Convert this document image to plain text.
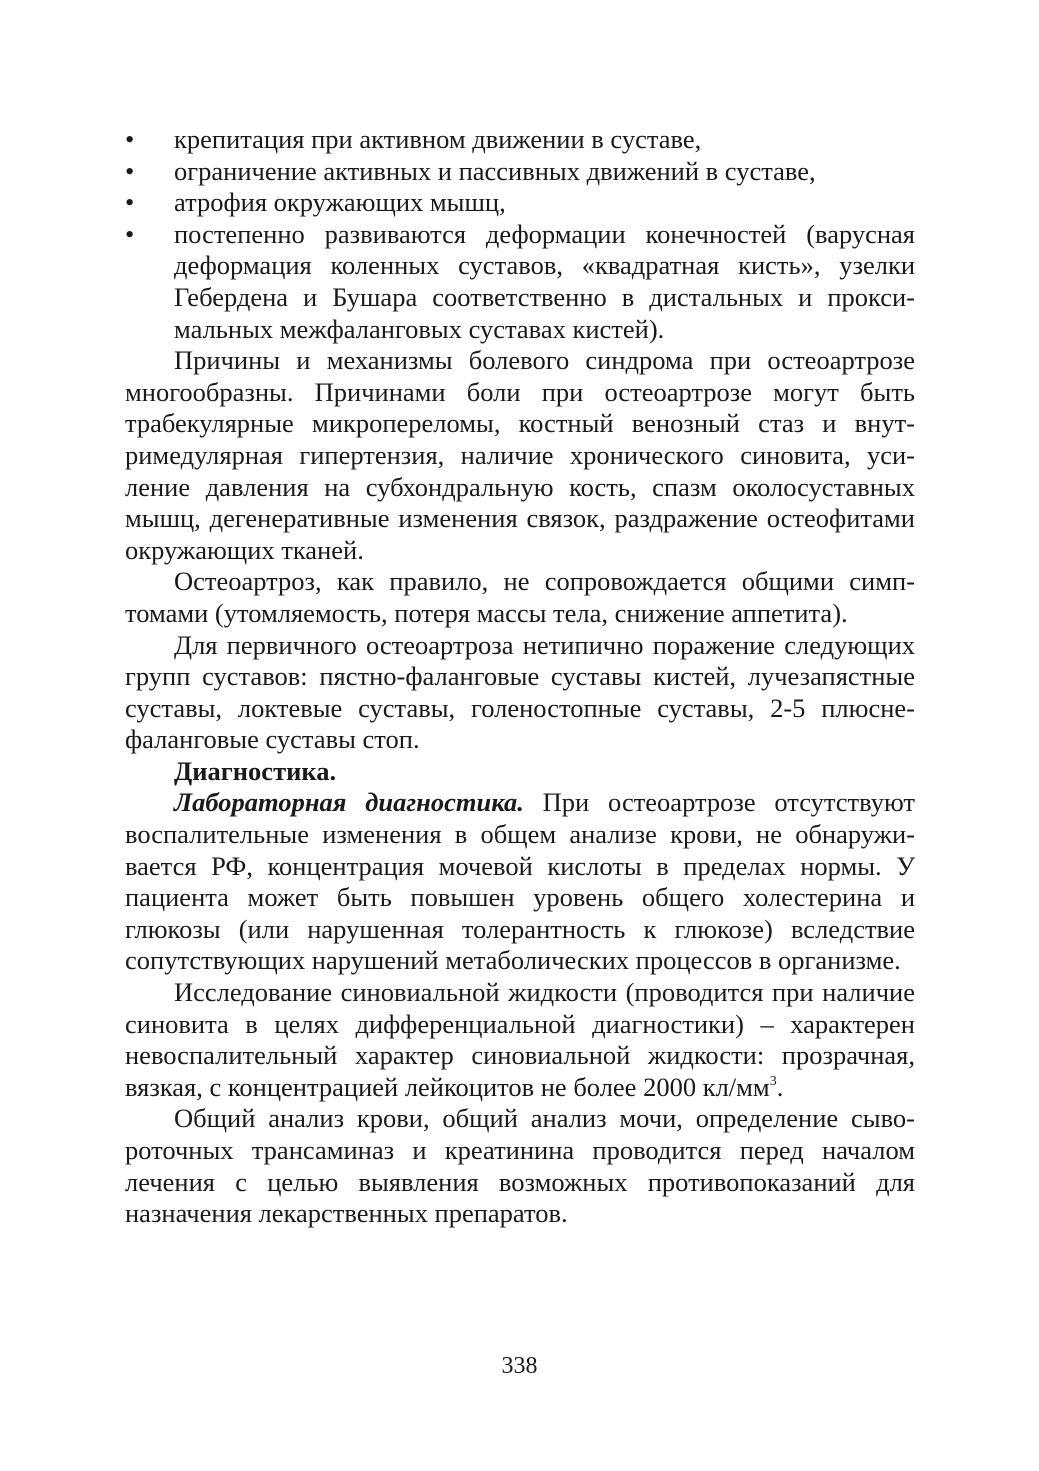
• крепитация при активном движении в суставе,
• ограничение активных и пассивных движений в суставе,
• атрофия окружающих мышц,
• постепенно развиваются деформации конечностей (варусная деформация коленных суставов, «квадратная кисть», узелки Гебердена и Бушара соответственно в дистальных и проксимальных межфаланговых суставах кистей).

Причины и механизмы болевого синдрома при остеоартрозе многообразны. Причинами боли при остеоартрозе могут быть трабекулярные микропереломы, костный венозный стаз и внутримедулярная гипертензия, наличие хронического синовита, усиление давления на субхондральную кость, спазм околосуставных мышц, дегенеративные изменения связок, раздражение остеофитами окружающих тканей.

Остеоартроз, как правило, не сопровождается общими симптомами (утомляемость, потеря массы тела, снижение аппетита).

Для первичного остеоартроза нетипично поражение следующих групп суставов: пястно-фаланговые суставы кистей, лучезапястные суставы, локтевые суставы, голеностопные суставы, 2-5 плюсне-фаланговые суставы стоп.

Диагностика.

Лабораторная диагностика. При остеоартрозе отсутствуют воспалительные изменения в общем анализе крови, не обнаруживается РФ, концентрация мочевой кислоты в пределах нормы. У пациента может быть повышен уровень общего холестерина и глюкозы (или нарушенная толерантность к глюкозе) вследствие сопутствующих нарушений метаболических процессов в организме.

Исследование синовиальной жидкости (проводится при наличие синовита в целях дифференциальной диагностики) – характерен невоспалительный характер синовиальной жидкости: прозрачная, вязкая, с концентрацией лейкоцитов не более 2000 $кл/мм^3$.

Общий анализ крови, общий анализ мочи, определение сывороточных трансаминаз и креатинина проводится перед началом лечения с целью выявления возможных противопоказаний для назначения лекарственных препаратов.

338
